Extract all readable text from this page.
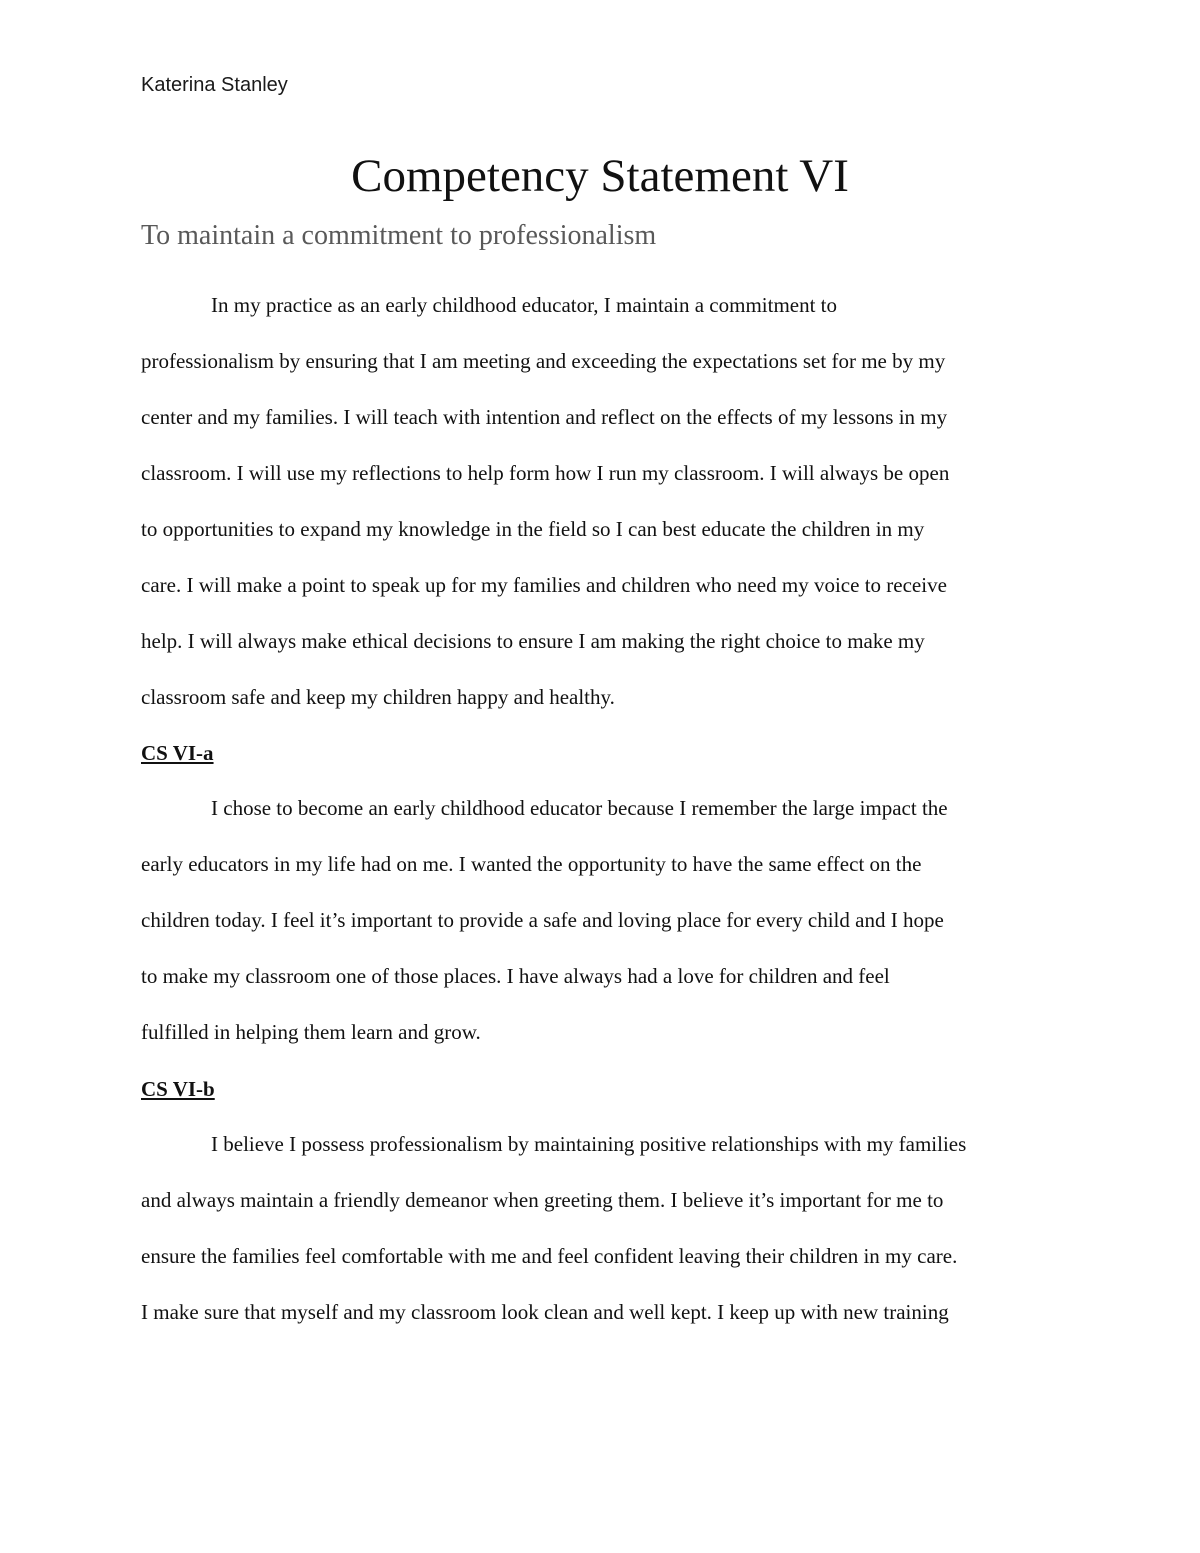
Katerina Stanley
Competency Statement VI
To maintain a commitment to professionalism
In my practice as an early childhood educator, I maintain a commitment to
professionalism by ensuring that I am meeting and exceeding the expectations set for me by my
center and my families. I will teach with intention and reflect on the effects of my lessons in my
classroom. I will use my reflections to help form how I run my classroom. I will always be open
to opportunities to expand my knowledge in the field so I can best educate the children in my
care. I will make a point to speak up for my families and children who need my voice to receive
help. I will always make ethical decisions to ensure I am making the right choice to make my
classroom safe and keep my children happy and healthy.
CS VI-a
I chose to become an early childhood educator because I remember the large impact the
early educators in my life had on me. I wanted the opportunity to have the same effect on the
children today. I feel it’s important to provide a safe and loving place for every child and I hope
to make my classroom one of those places. I have always had a love for children and feel
fulfilled in helping them learn and grow.
CS VI-b
I believe I possess professionalism by maintaining positive relationships with my families
and always maintain a friendly demeanor when greeting them. I believe it’s important for me to
ensure the families feel comfortable with me and feel confident leaving their children in my care.
I make sure that myself and my classroom look clean and well kept. I keep up with new training
